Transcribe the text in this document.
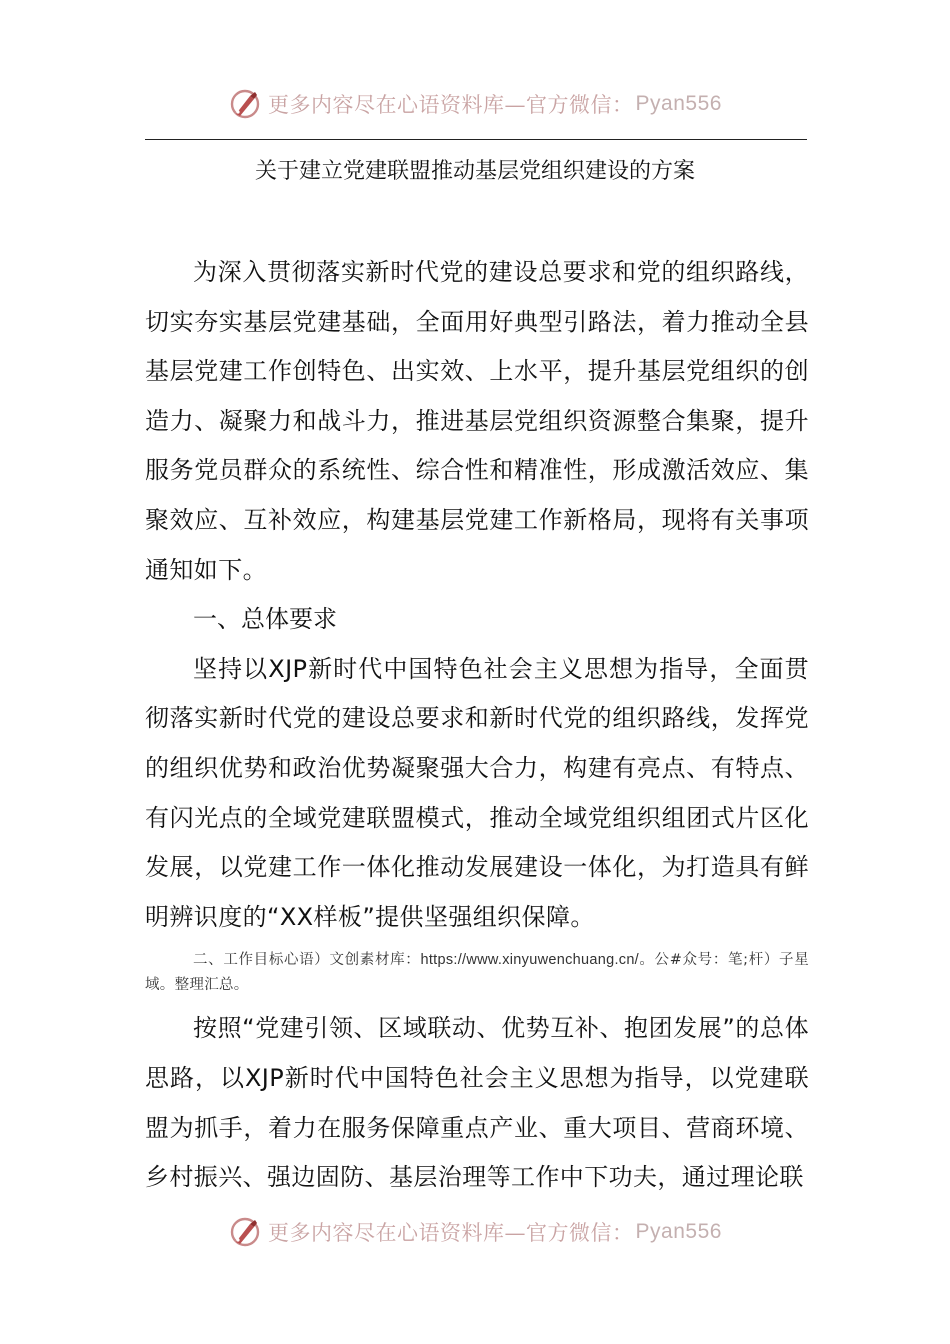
更多内容尽在心语资料库—官方微信： Pyan556
关于建立党建联盟推动基层党组织建设的方案

为深入贯彻落实新时代党的建设总要求和党的组织路线，切实夯实基层党建基础，全面用好典型引路法，着力推动全县基层党建工作创特色、出实效、上水平，提升基层党组织的创造力、凝聚力和战斗力，推进基层党组织资源整合集聚，提升服务党员群众的系统性、综合性和精准性，形成激活效应、集聚效应、互补效应，构建基层党建工作新格局，现将有关事项通知如下。

一、总体要求

坚持以XJP新时代中国特色社会主义思想为指导，全面贯彻落实新时代党的建设总要求和新时代党的组织路线，发挥党的组织优势和政治优势凝聚强大合力，构建有亮点、有特点、有闪光点的全域党建联盟模式，推动全域党组织组团式片区化发展，以党建工作一体化推动发展建设一体化，为打造具有鲜明辨识度的“XX样板”提供坚强组织保障。

二、工作目标心语）文创素材库：https://www.xinyuwenchuang.cn/。公#众号：笔;杆）子星域。整理汇总。

按照“党建引领、区域联动、优势互补、抱团发展”的总体思路，以XJP新时代中国特色社会主义思想为指导，以党建联盟为抓手，着力在服务保障重点产业、重大项目、营商环境、乡村振兴、强边固防、基层治理等工作中下功夫，通过理论联

更多内容尽在心语资料库—官方微信： Pyan556
